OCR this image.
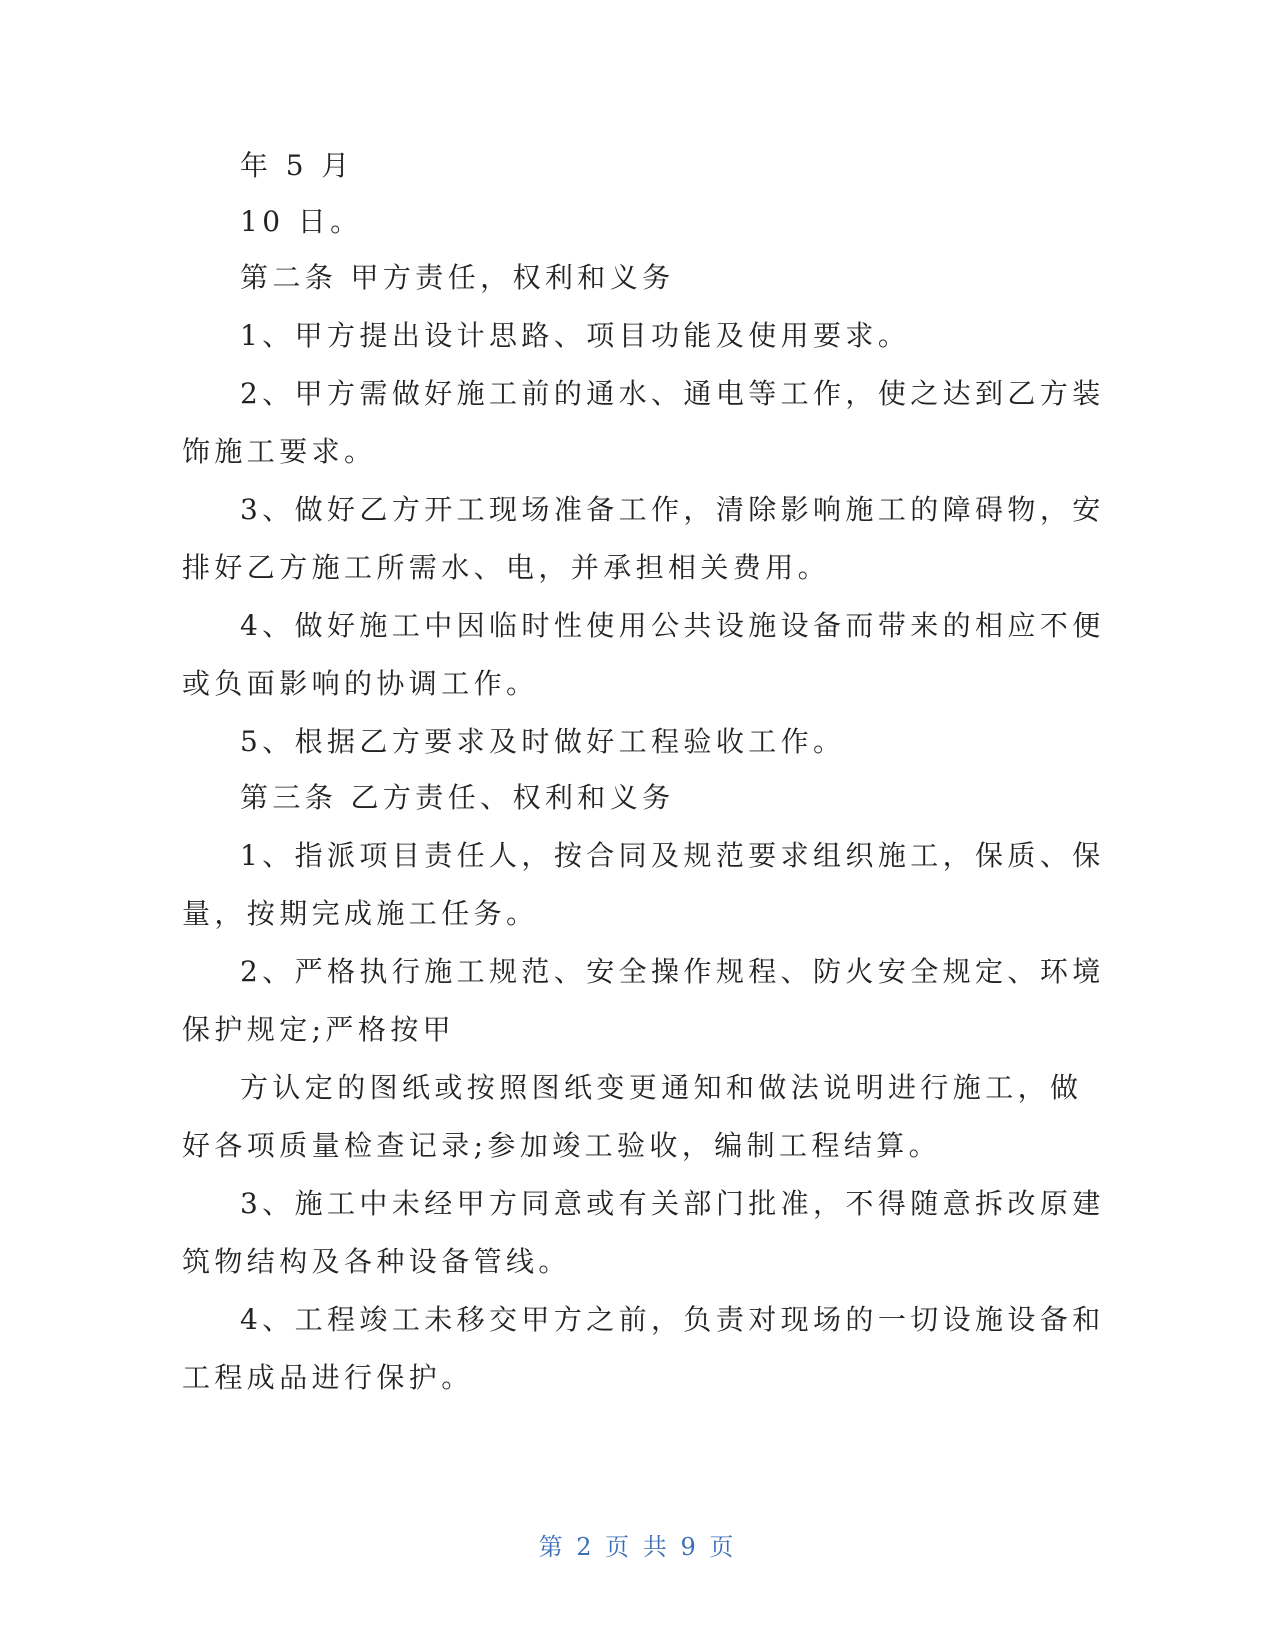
年 5 月
10 日。
第二条 甲方责任，权利和义务
1、甲方提出设计思路、项目功能及使用要求。
2、甲方需做好施工前的通水、通电等工作，使之达到乙方装
饰施工要求。
3、做好乙方开工现场准备工作，清除影响施工的障碍物，安
排好乙方施工所需水、电，并承担相关费用。
4、做好施工中因临时性使用公共设施设备而带来的相应不便
或负面影响的协调工作。
5、根据乙方要求及时做好工程验收工作。
第三条 乙方责任、权利和义务
1、指派项目责任人，按合同及规范要求组织施工，保质、保
量，按期完成施工任务。
2、严格执行施工规范、安全操作规程、防火安全规定、环境
保护规定;严格按甲
方认定的图纸或按照图纸变更通知和做法说明进行施工，做
好各项质量检查记录;参加竣工验收，编制工程结算。
3、施工中未经甲方同意或有关部门批准，不得随意拆改原建
筑物结构及各种设备管线。
4、工程竣工未移交甲方之前，负责对现场的一切设施设备和
工程成品进行保护。
第 2 页 共 9 页
